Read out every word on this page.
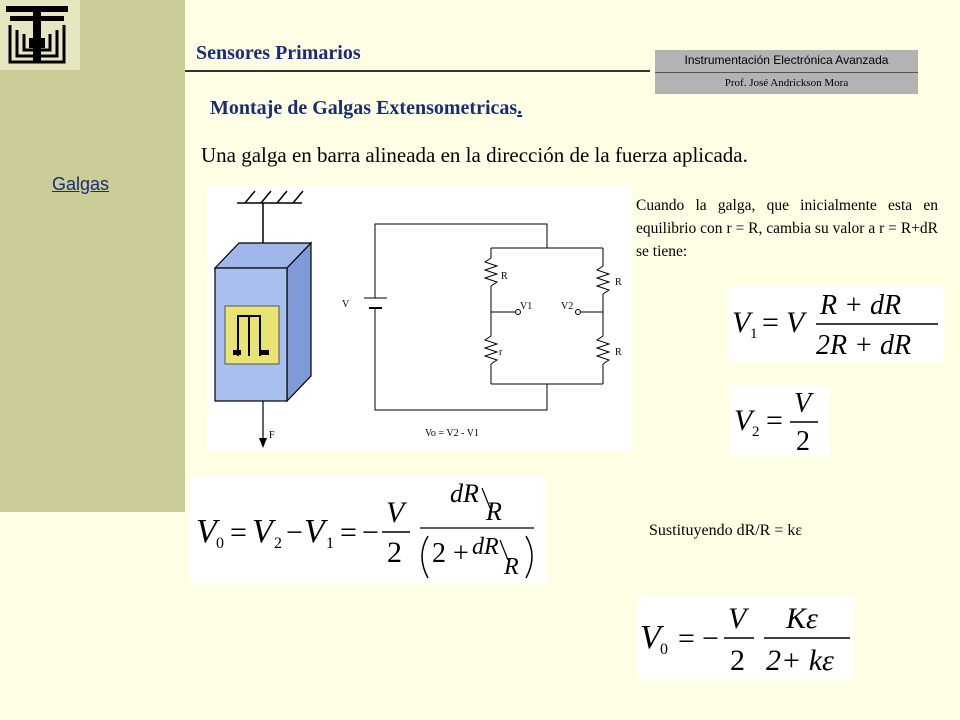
Sensores Primarios	Instrumentación Electrónica Avanzada
Prof. José Andrickson Mora
Montaje de Galgas Extensometricas.
Galgas
Una galga en barra alineada en la dirección de la fuerza aplicada.
F
V
R
R
r	R
V1	V2
Vo = V2 - V1
Cuando la galga, que inicialmente esta en equilibrio con r = R, cambia su valor a r = R+dR se tiene:
V 1 = V
R + dR
2R + dR
V 2 =
V
2
V 0 = V 2 − V 1 = −
V
2
dR
R
2 + dR
R
Sustituyendo dR/R = kε
V 0 = −
V
2
Kε
2+ kε
